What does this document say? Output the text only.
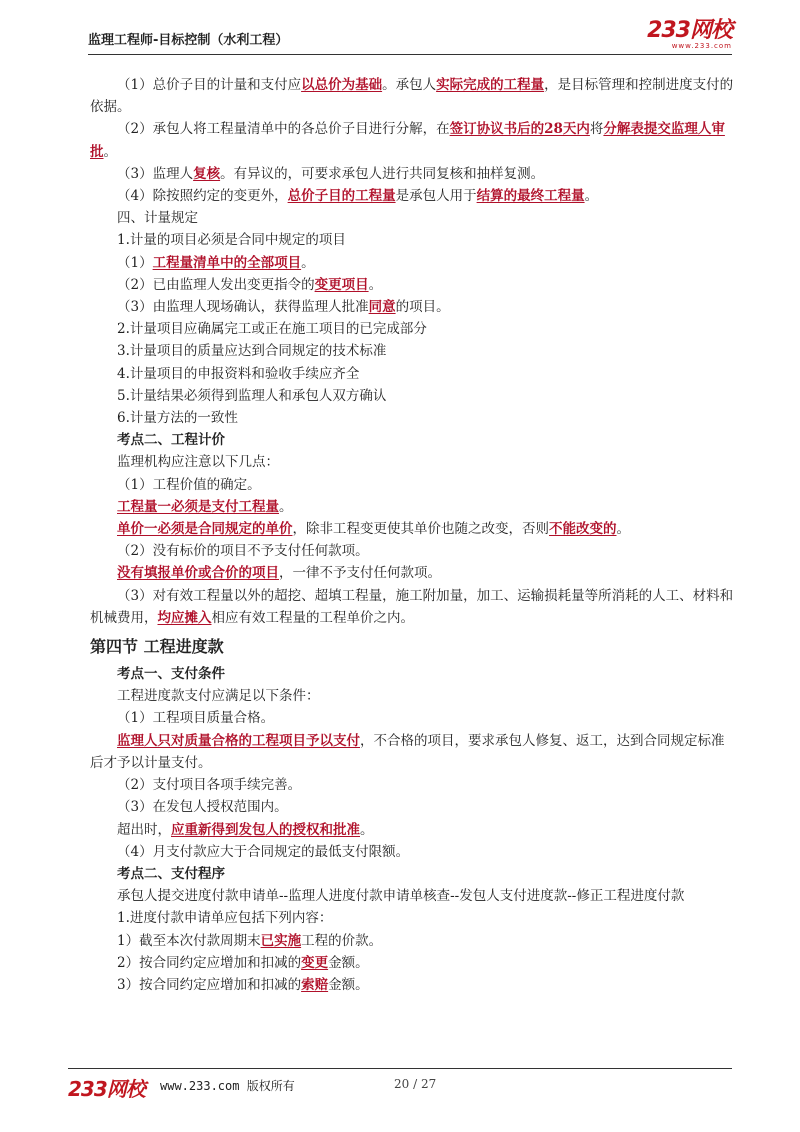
监理工程师-目标控制（水利工程）	233网校
www.233.com

（1）总价子目的计量和支付应以总价为基础。承包人实际完成的工程量，是目标管理和控制进度支付的依据。

（2）承包人将工程量清单中的各总价子目进行分解，在签订协议书后的28天内将分解表提交监理人审批。

（3）监理人复核。有异议的，可要求承包人进行共同复核和抽样复测。

（4）除按照约定的变更外，总价子目的工程量是承包人用于结算的最终工程量。

四、计量规定

1.计量的项目必须是合同中规定的项目

（1）工程量清单中的全部项目。

（2）已由监理人发出变更指令的变更项目。

（3）由监理人现场确认，获得监理人批准同意的项目。

2.计量项目应确属完工或正在施工项目的已完成部分

3.计量项目的质量应达到合同规定的技术标准

4.计量项目的申报资料和验收手续应齐全

5.计量结果必须得到监理人和承包人双方确认

6.计量方法的一致性

考点二、工程计价

监理机构应注意以下几点：

（1）工程价值的确定。

工程量一必须是支付工程量。

单价一必须是合同规定的单价，除非工程变更使其单价也随之改变，否则不能改变的。

（2）没有标价的项目不予支付任何款项。

没有填报单价或合价的项目，一律不予支付任何款项。

（3）对有效工程量以外的超挖、超填工程量，施工附加量，加工、运输损耗量等所消耗的人工、材料和机械费用，均应摊入相应有效工程量的工程单价之内。

第四节 工程进度款

考点一、支付条件

工程进度款支付应满足以下条件：

（1）工程项目质量合格。

监理人只对质量合格的工程项目予以支付，不合格的项目，要求承包人修复、返工，达到合同规定标准后才予以计量支付。

（2）支付项目各项手续完善。

（3）在发包人授权范围内。

超出时，应重新得到发包人的授权和批准。

（4）月支付款应大于合同规定的最低支付限额。

考点二、支付程序

承包人提交进度付款申请单--监理人进度付款申请单核查--发包人支付进度款--修正工程进度付款

1.进度付款申请单应包括下列内容：

1）截至本次付款周期末已实施工程的价款。

2）按合同约定应增加和扣减的变更金额。

3）按合同约定应增加和扣减的索赔金额。

233网校 www.233.com 版权所有	20 / 27
